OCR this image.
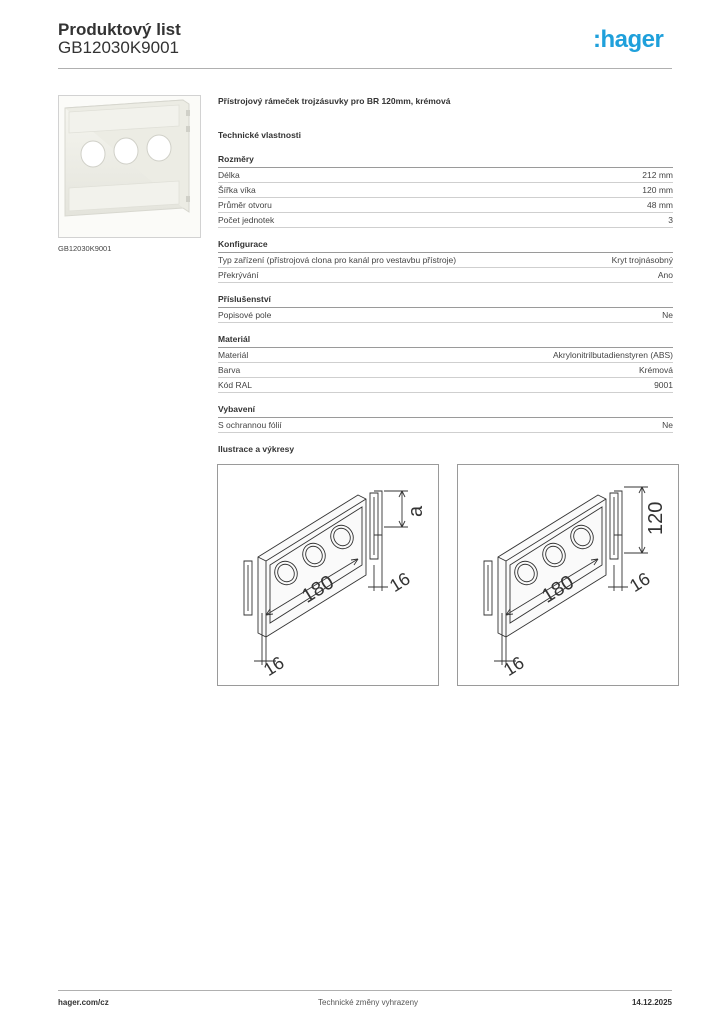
Produktový list
GB12030K9001	:hager
GB12030K9001
Přístrojový rámeček trojzásuvky pro BR 120mm, krémová
Technické vlastnosti
Rozměry
Délka	212 mm
Šířka víka	120 mm
Průměr otvoru	48 mm
Počet jednotek	3
Konfigurace
Typ zařízení (přístrojová clona pro kanál pro vestavbu přístroje)	Kryt trojnásobný
Překrývání	Ano
Příslušenství
Popisové pole	Ne
Materiál
Materiál	Akrylonitrilbutadienstyren (ABS)
Barva	Krémová
Kód RAL	9001
Vybavení
S ochrannou fólií	Ne
Ilustrace a výkresy
180
a
16
16
180
120
16
16
hager.com/cz	Technické změny vyhrazeny	14.12.2025
